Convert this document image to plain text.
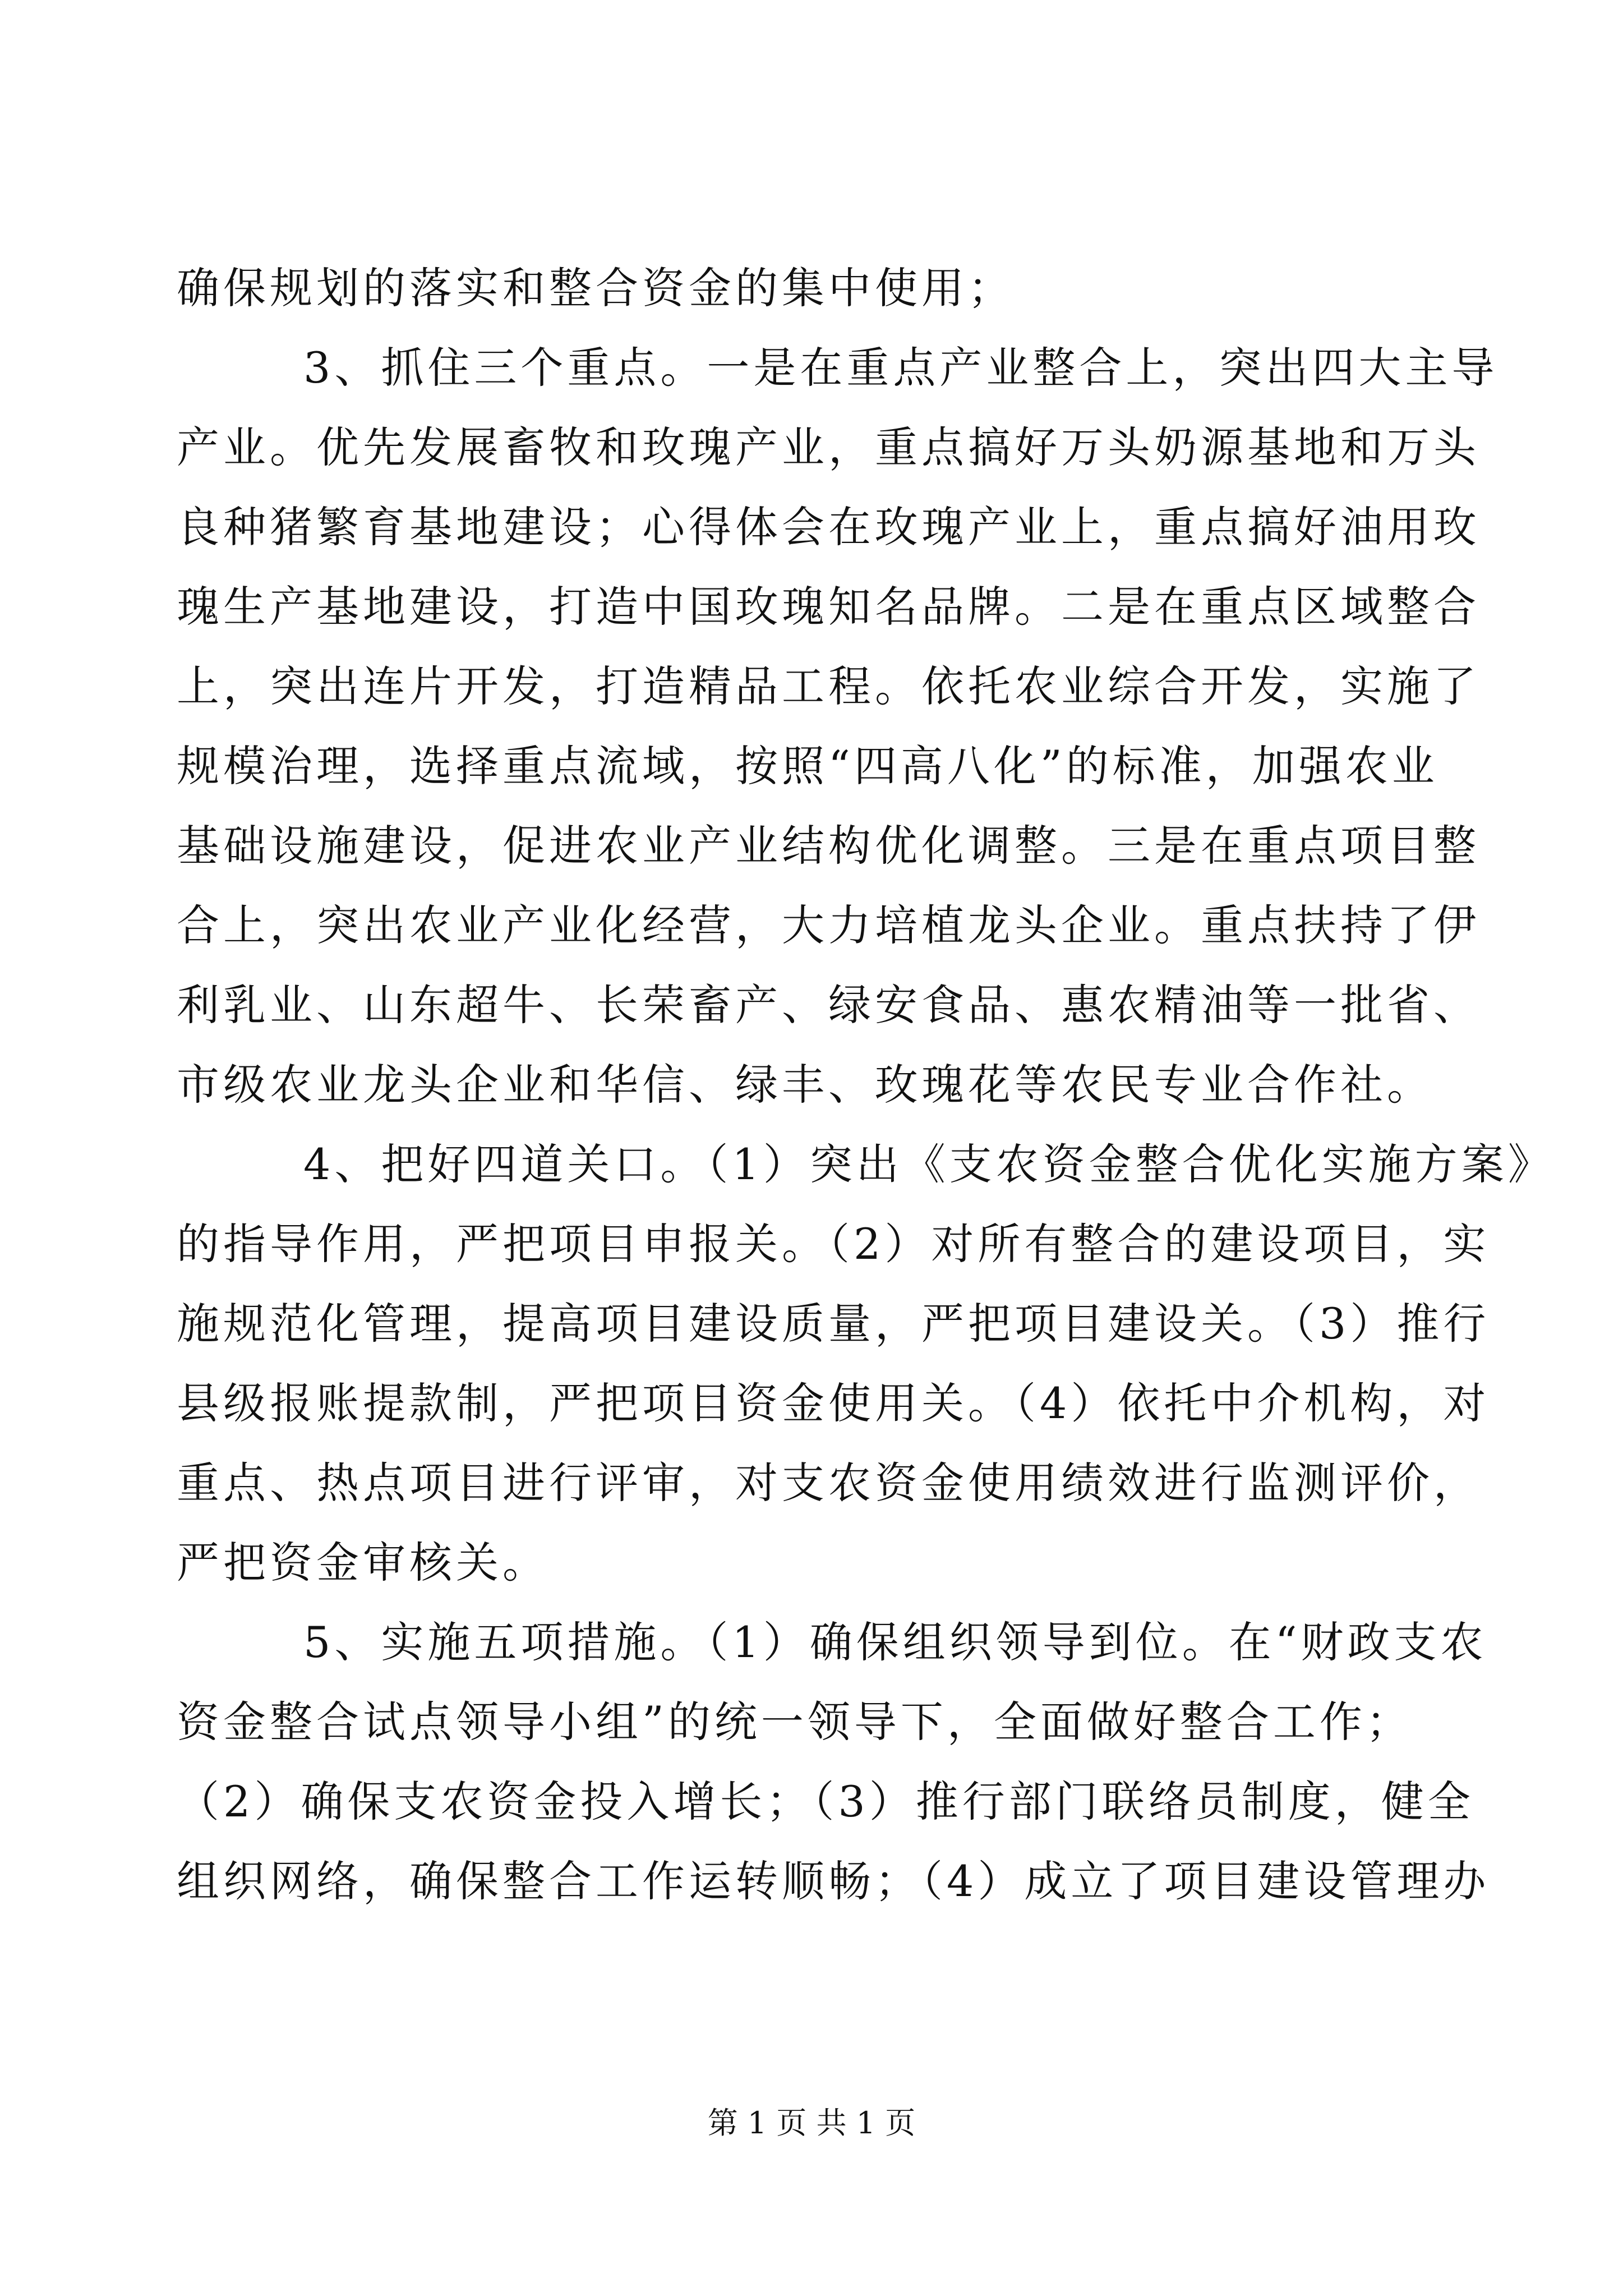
确保规划的落实和整合资金的集中使用；
3、抓住三个重点。一是在重点产业整合上，突出四大主导
产业。优先发展畜牧和玫瑰产业，重点搞好万头奶源基地和万头
良种猪繁育基地建设；心得体会在玫瑰产业上，重点搞好油用玫
瑰生产基地建设，打造中国玫瑰知名品牌。二是在重点区域整合
上，突出连片开发，打造精品工程。依托农业综合开发，实施了
规模治理，选择重点流域，按照“四高八化”的标准，加强农业
基础设施建设，促进农业产业结构优化调整。三是在重点项目整
合上，突出农业产业化经营，大力培植龙头企业。重点扶持了伊
利乳业、山东超牛、长荣畜产、绿安食品、惠农精油等一批省、
市级农业龙头企业和华信、绿丰、玫瑰花等农民专业合作社。
4、把好四道关口。（1）突出《支农资金整合优化实施方案》
的指导作用，严把项目申报关。（2）对所有整合的建设项目，实
施规范化管理，提高项目建设质量，严把项目建设关。（3）推行
县级报账提款制，严把项目资金使用关。（4）依托中介机构，对
重点、热点项目进行评审，对支农资金使用绩效进行监测评价，
严把资金审核关。
5、实施五项措施。（1）确保组织领导到位。在“财政支农
资金整合试点领导小组”的统一领导下，全面做好整合工作；
（2）确保支农资金投入增长；（3）推行部门联络员制度，健全
组织网络，确保整合工作运转顺畅；（4）成立了项目建设管理办
第 1 页 共 1 页
